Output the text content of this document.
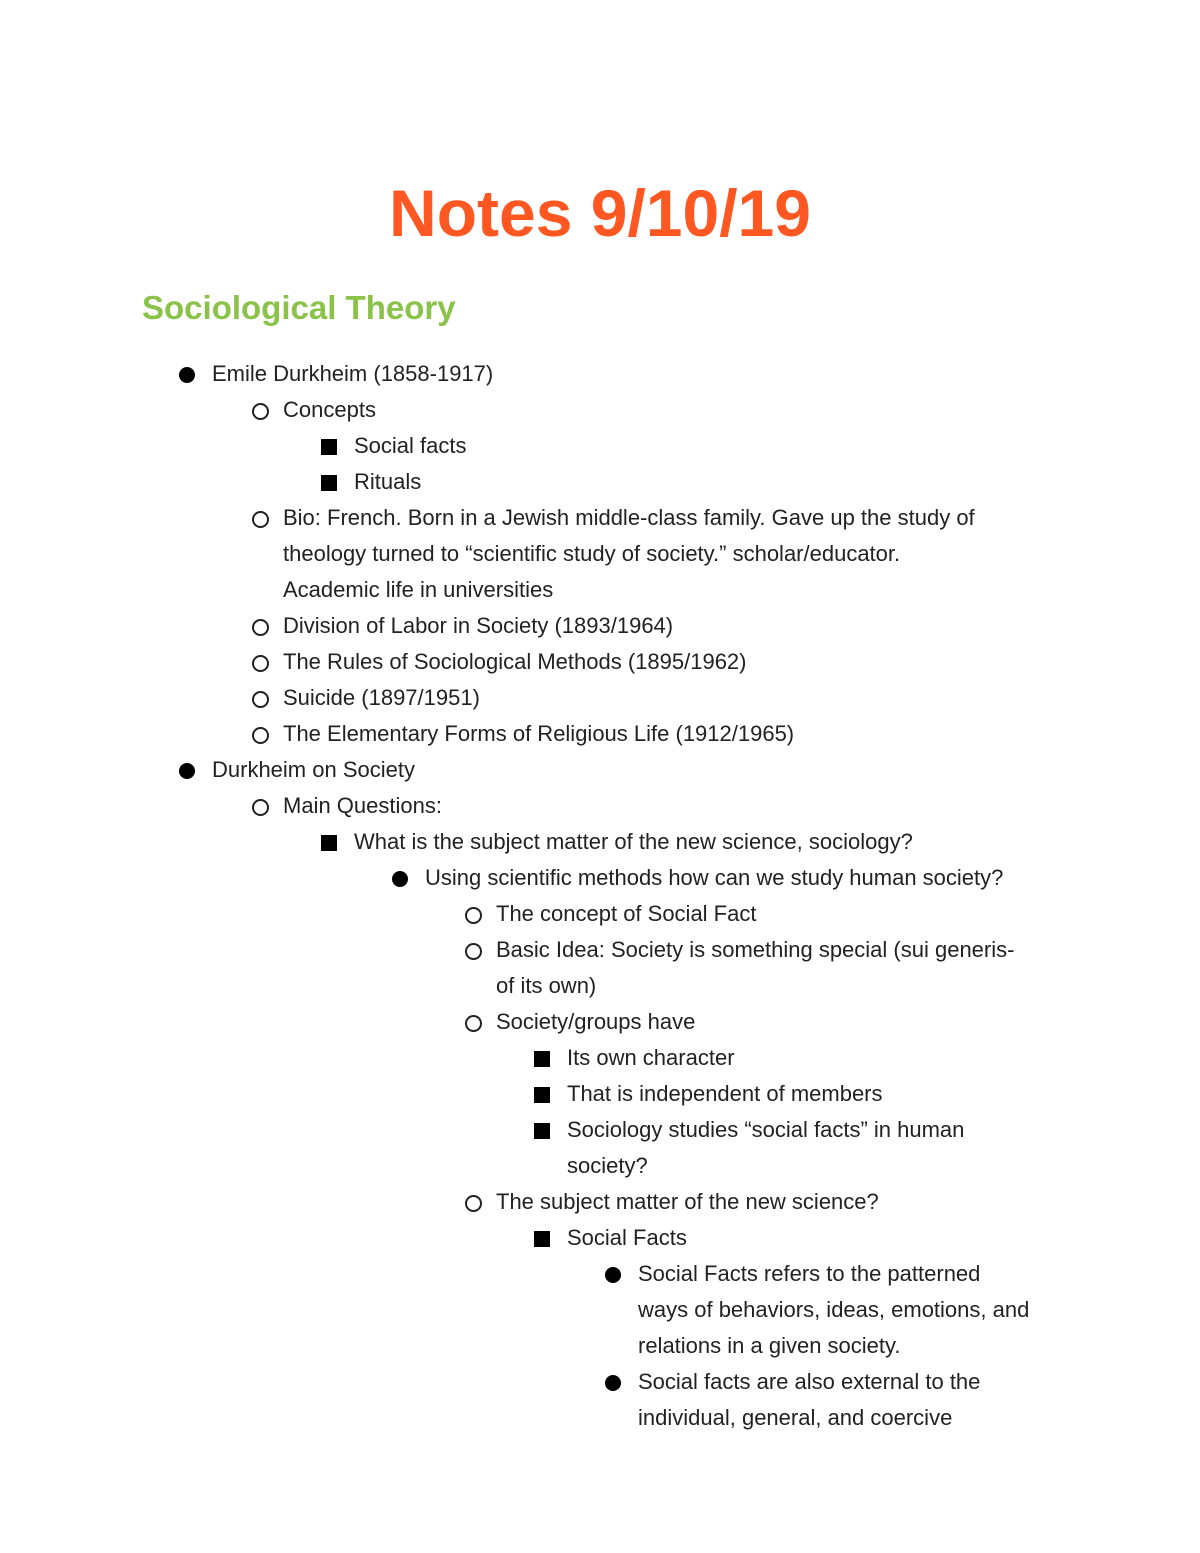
Notes 9/10/19
Sociological Theory
Emile Durkheim (1858-1917)
Concepts
Social facts
Rituals
Bio: French. Born in a Jewish middle-class family. Gave up the study of
theology turned to “scientific study of society.” scholar/educator.
Academic life in universities
Division of Labor in Society (1893/1964)
The Rules of Sociological Methods (1895/1962)
Suicide (1897/1951)
The Elementary Forms of Religious Life (1912/1965)
Durkheim on Society
Main Questions:
What is the subject matter of the new science, sociology?
Using scientific methods how can we study human society?
The concept of Social Fact
Basic Idea: Society is something special (sui generis-
of its own)
Society/groups have
Its own character
That is independent of members
Sociology studies “social facts” in human
society?
The subject matter of the new science?
Social Facts
Social Facts refers to the patterned
ways of behaviors, ideas, emotions, and
relations in a given society.
Social facts are also external to the
individual, general, and coercive
